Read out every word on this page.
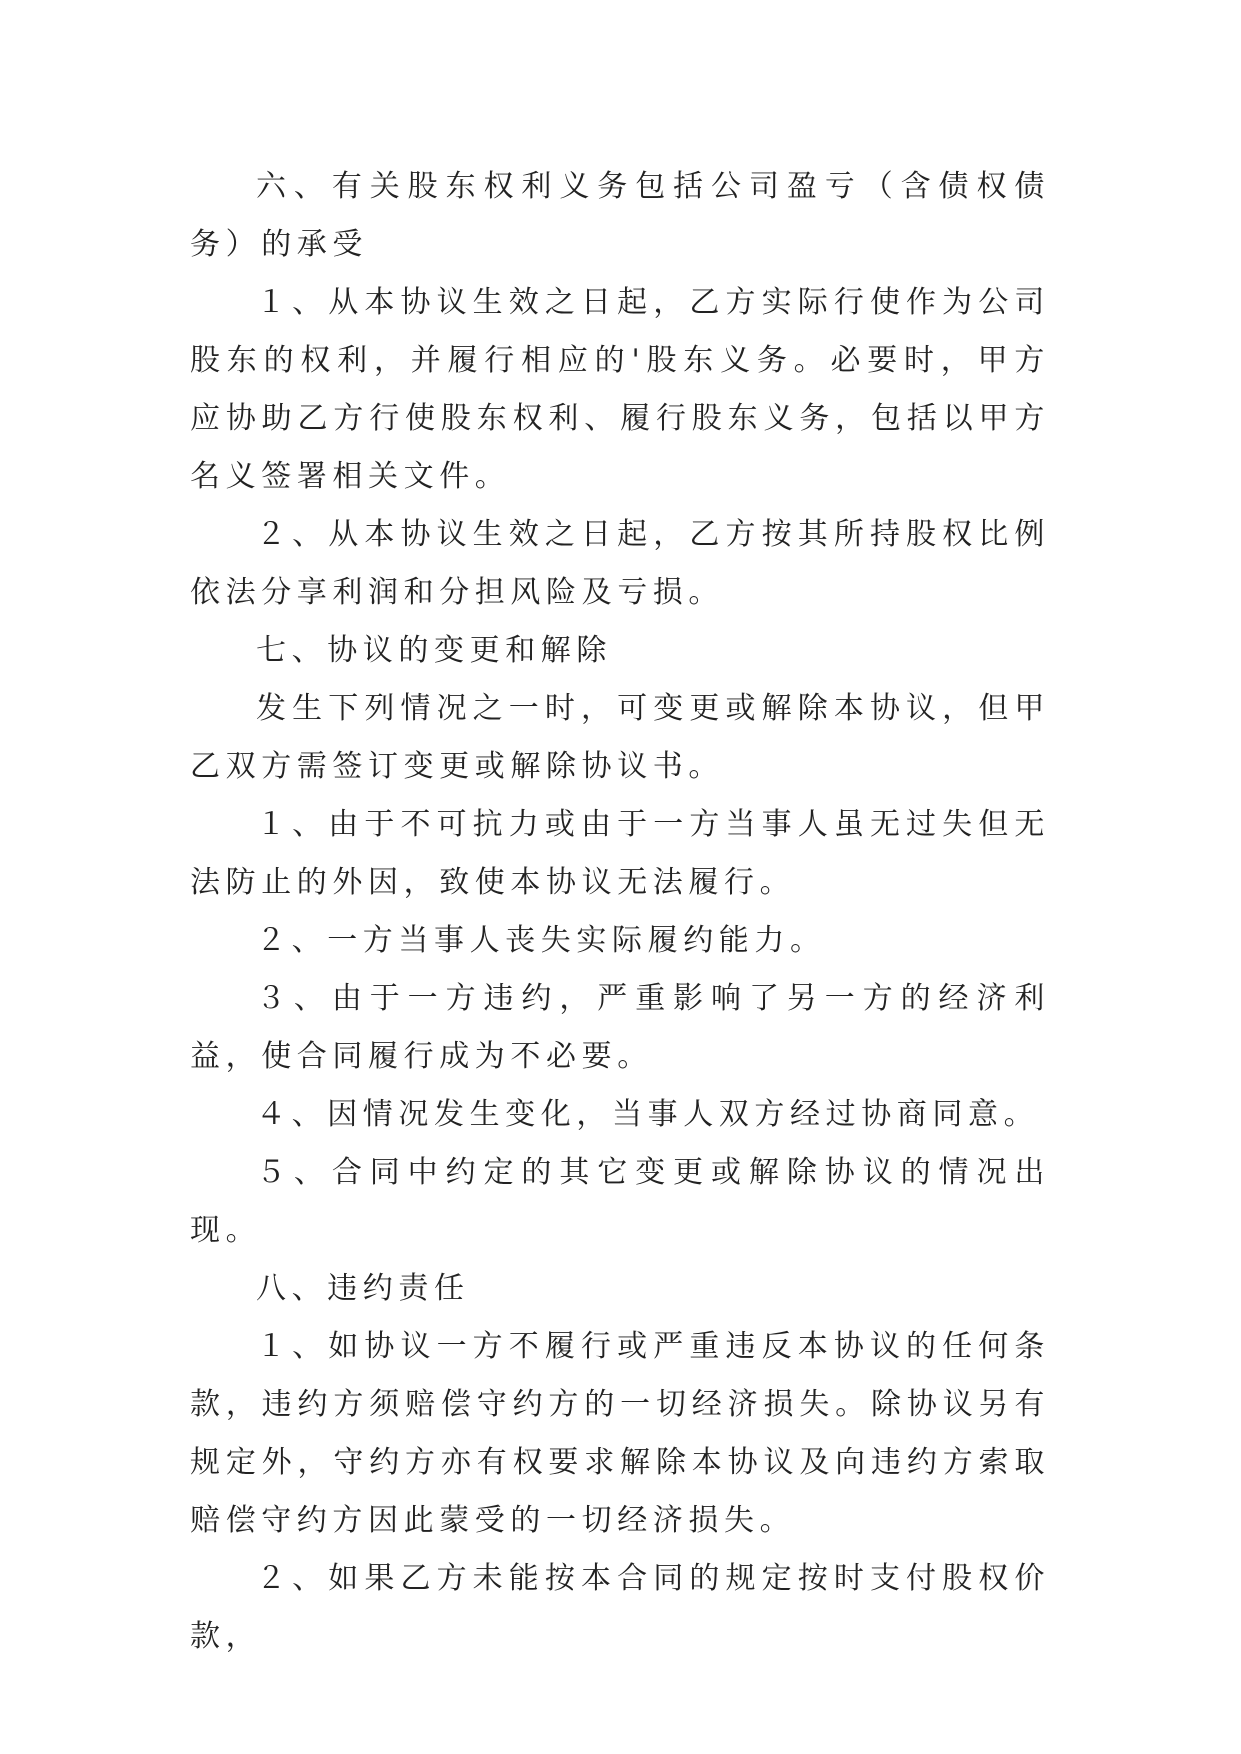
六、有关股东权利义务包括公司盈亏（含债权债务）的承受

１、从本协议生效之日起，乙方实际行使作为公司股东的权利，并履行相应的'股东义务。必要时，甲方应协助乙方行使股东权利、履行股东义务，包括以甲方名义签署相关文件。

２、从本协议生效之日起，乙方按其所持股权比例依法分享利润和分担风险及亏损。

七、协议的变更和解除

发生下列情况之一时，可变更或解除本协议，但甲乙双方需签订变更或解除协议书。

１、由于不可抗力或由于一方当事人虽无过失但无法防止的外因，致使本协议无法履行。

２、一方当事人丧失实际履约能力。

３、由于一方违约，严重影响了另一方的经济利益，使合同履行成为不必要。

４、因情况发生变化，当事人双方经过协商同意。

５、合同中约定的其它变更或解除协议的情况出现。

八、违约责任

１、如协议一方不履行或严重违反本协议的任何条款，违约方须赔偿守约方的一切经济损失。除协议另有规定外，守约方亦有权要求解除本协议及向违约方索取赔偿守约方因此蒙受的一切经济损失。

２、如果乙方未能按本合同的规定按时支付股权价款，
